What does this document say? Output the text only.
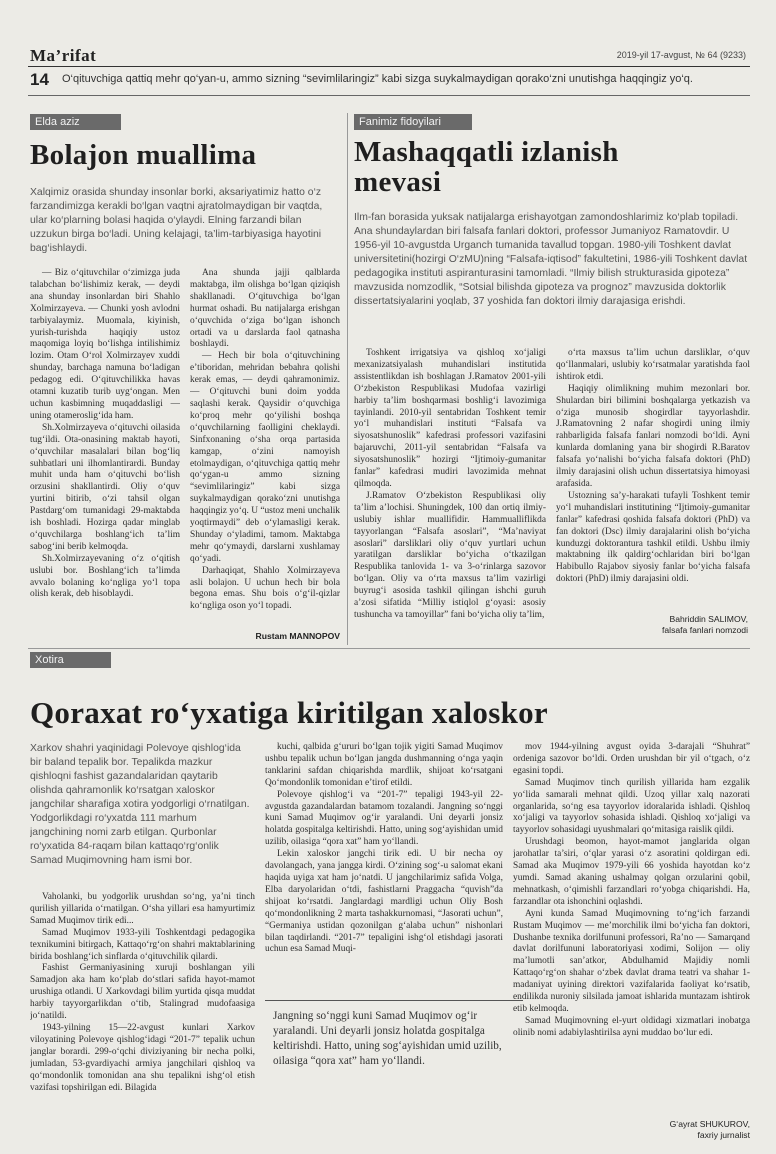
Ma’rifat	2019-yil 17-avgust, № 64 (9233)
14 O‘qituvchiga qattiq mehr qo‘yan-u, ammo sizning “sevimlilaringiz” kabi sizga suykalmaydigan qorako‘zni unutishga haqqingiz yo‘q.
Elda aziz
Bolajon muallima

Xalqimiz orasida shunday insonlar borki, aksariyatimiz hatto o‘z farzandimizga kerakli bo‘lgan vaqtni ajratolmaydigan bir vaqtda, ular ko‘plarning bolasi haqida o‘ylaydi. Elning farzandi bilan uzzukun birga bo‘ladi. Uning kelajagi, ta’lim-tarbiyasiga hayotini bag‘ishlaydi.

— Biz o‘qituvchilar o‘zimizga juda talabchan bo‘lishimiz kerak, — deydi ana shunday insonlardan biri Shahlo Xolmirzayeva. — Chunki yosh avlodni tarbiyalaymiz. Muomala, kiyinish, yurish-turishda haqiqiy ustoz maqomiga loyiq bo‘lishga intilishimiz lozim. Otam O‘rol Xolmirzayev xuddi shunday, barchaga namuna bo‘ladigan pedagog edi. O‘qituvchilikka havas otamni kuzatib turib uyg‘ongan. Men uchun kasbimning muqaddasligi — uning otameroslig‘ida ham.

Sh.Xolmirzayeva o‘qituvchi oilasida tug‘ildi. Ota-onasining maktab hayoti, o‘quvchilar masalalari bilan bog‘liq suhbatlari uni ilhomlantirardi. Bunday muhit unda ham o‘qituvchi bo‘lish orzusini shakllantirdi. Oliy o‘quv yurtini bitirib, o‘zi tahsil olgan Pastdarg‘om tumanidagi 29-maktabda ish boshladi. Hozirga qadar minglab o‘quvchilarga boshlang‘ich ta’lim sabog‘ini berib kelmoqda.

Sh.Xolmirzayevaning o‘z o‘qitish uslubi bor. Boshlang‘ich ta’limda avvalo bolaning ko‘ngliga yo‘l topa olish kerak, deb hisoblaydi.

Ana shunda jajji qalblarda maktabga, ilm olishga bo‘lgan qiziqish shakllanadi. O‘qituvchiga bo‘lgan hurmat oshadi. Bu natijalarga erishgan o‘quvchida o‘ziga bo‘lgan ishonch ortadi va u darslarda faol qatnasha boshlaydi.

— Hech bir bola o‘qituvchining e’tiboridan, mehridan bebahra qolishi kerak emas, — deydi qahramonimiz. — O‘qituvchi buni doim yodda saqlashi kerak. Qaysidir o‘quvchiga ko‘proq mehr qo‘yilishi boshqa o‘quvchilarning faolligini cheklaydi. Sinfxonaning o‘sha orqa partasida kamgap, o‘zini namoyish etolmaydigan, o‘qituvchiga qattiq mehr qo‘ygan-u ammo sizning “sevimlilaringiz” kabi sizga suykalmaydigan qorako‘zni unutishga haqqingiz yo‘q. U “ustoz meni unchalik yoqtirmaydi” deb o‘ylamasligi kerak. Shunday o‘yladimi, tamom. Maktabga mehr qo‘ymaydi, darslarni xushlamay qo‘yadi.

Darhaqiqat, Shahlo Xolmirzayeva asli bolajon. U uchun hech bir bola begona emas. Shu bois o‘g‘il-qizlar ko‘ngliga oson yo‘l topadi.

Rustam MANNOPOV
Fanimiz fidoyilari
Mashaqqatli izlanish
mevasi

Ilm-fan borasida yuksak natijalarga erishayotgan zamondoshlarimiz ko‘plab topiladi. Ana shundaylardan biri falsafa fanlari doktori, professor Jumaniyoz Ramatovdir. U 1956-yil 10-avgustda Urganch tumanida tavallud topgan. 1980-yili Toshkent davlat universitetini(hozirgi O‘zMU)ning “Falsafa-iqtisod” fakultetini, 1986-yili Toshkent davlat pedagogika instituti aspiranturasini tamomladi. “Ilmiy bilish strukturasida gipoteza” mavzusida nomzodlik, “Sotsial bilishda gipoteza va prognoz” mavzusida doktorlik dissertatsiyalarini yoqlab, 37 yoshida fan doktori ilmiy darajasiga erishdi.

Toshkent irrigatsiya va qishloq xo‘jaligi mexanizatsiyalash muhandislari institutida assistentlikdan ish boshlagan J.Ramatov 2001-yili O‘zbekiston Respublikasi Mudofaa vazirligi harbiy ta’lim boshqarmasi boshlig‘i lavozimiga tayinlandi. 2010-yil sentabridan Toshkent temir yo‘l muhandislari instituti “Falsafa va siyosatshunoslik” kafedrasi professori vazifasini bajaruvchi, 2011-yil sentabridan “Falsafa va siyosatshunoslik” hozirgi “Ijtimoiy-gumanitar fanlar” kafedrasi mudiri lavozimida mehnat qilmoqda.

J.Ramatov O‘zbekiston Respublikasi oliy ta’lim a’lochisi. Shuningdek, 100 dan ortiq ilmiy-uslubiy ishlar muallifidir. Hammualliflikda tayyorlangan “Falsafa asoslari”, “Ma’naviyat asoslari” darsliklari oliy o‘quv yurtlari uchun yaratilgan darsliklar bo‘yicha o‘tkazilgan Respublika tanlovida 1- va 3-o‘rinlarga sazovor bo‘lgan. Oliy va o‘rta maxsus ta’lim vazirligi buyrug‘i asosida tashkil qilingan ishchi guruh a’zosi sifatida “Milliy istiqlol g‘oyasi: asosiy tushuncha va tamoyillar” fani bo‘yicha oliy ta’lim,

o‘rta maxsus ta’lim uchun darsliklar, o‘quv qo‘llanmalari, uslubiy ko‘rsatmalar yaratishda faol ishtirok etdi.

Haqiqiy olimlikning muhim mezonlari bor. Shulardan biri bilimini boshqalarga yetkazish va o‘ziga munosib shogirdlar tayyorlashdir. J.Ramatovning 2 nafar shogirdi uning ilmiy rahbarligida falsafa fanlari nomzodi bo‘ldi. Ayni kunlarda domlaning yana bir shogirdi R.Baratov falsafa yo‘nalishi bo‘yicha falsafa doktori (PhD) ilmiy darajasini olish uchun dissertatsiya himoyasi arafasida.

Ustozning sa’y-harakati tufayli Toshkent temir yo‘l muhandislari institutining “Ijtimoiy-gumanitar fanlar” kafedrasi qoshida falsafa doktori (PhD) va fan doktori (Dsc) ilmiy darajalarini olish bo‘yicha kunduzgi doktorantura tashkil etildi. Ushbu ilmiy maktabning ilk qaldirg‘ochlaridan biri bo‘lgan Habibullo Rajabov siyosiy fanlar bo‘yicha falsafa doktori (PhD) ilmiy darajasini oldi.

Bahriddin SALIMOV,
falsafa fanlari nomzodi
Xotira
Qoraxat ro‘yxatiga kiritilgan xaloskor

Xarkov shahri yaqinidagi Polevoye qishlog‘ida bir baland tepalik bor. Tepalikda mazkur qishloqni fashist gazandalaridan qaytarib olishda qahramonlik ko‘rsatgan xaloskor jangchilar sharafiga xotira yodgorligi o‘rnatilgan. Yodgorlikdagi ro‘yxatda 111 marhum jangchining nomi zarb etilgan. Qurbonlar ro‘yxatida 84-raqam bilan kattaqo‘rg‘onlik Samad Muqimovning ham ismi bor.

Vaholanki, bu yodgorlik urushdan so‘ng, ya’ni tinch qurilish yillarida o‘rnatilgan. O‘sha yillari esa hamyurtimiz Samad Muqimov tirik edi...

Samad Muqimov 1933-yili Toshkentdagi pedagogika texnikumini bitirgach, Kattaqo‘rg‘on shahri maktablarining birida boshlang‘ich sinflarda o‘qituvchilik qilardi.

Fashist Germaniyasining xuruji boshlangan yili Samadjon aka ham ko‘plab do‘stlari safida hayot-mamot urushiga otlandi. U Xarkovdagi bilim yurtida qisqa muddat harbiy tayyorgarlikdan o‘tib, Stalingrad mudofaasiga jo‘natildi.

1943-yilning 15—22-avgust kunlari Xarkov viloyatining Polevoye qishlog‘idagi “201-7” tepalik uchun janglar borardi. 299-o‘qchi diviziyaning bir necha polki, jumladan, 53-gvardiyachi armiya jangchilari qishloq va qo‘mondonlik tomonidan ana shu tepalikni ishg‘ol etish vazifasi topshirilgan edi. Bilagida

kuchi, qalbida g‘ururi bo‘lgan tojik yigiti Samad Muqimov ushbu tepalik uchun bo‘lgan jangda dushmanning o‘nga yaqin tanklarini safdan chiqarishda mardlik, shijoat ko‘rsatgani Qo‘mondonlik tomonidan e’tirof etildi.

Polevoye qishlog‘i va “201-7” tepaligi 1943-yil 22-avgustda gazandalardan batamom tozalandi. Jangning so‘nggi kuni Samad Muqimov og‘ir yaralandi. Uni deyarli jonsiz holatda gospitalga keltirishdi. Hatto, uning sog‘ayishidan umid uzilib, oilasiga “qora xat” ham yo‘llandi.

Lekin xaloskor jangchi tirik edi. U bir necha oy davolangach, yana jangga kirdi. O‘zining sog‘-u salomat ekani haqida uyiga xat ham jo‘natdi. U jangchilarimiz safida Volga, Elba daryolaridan o‘tdi, fashistlarni Praggacha “quvish”da shijoat ko‘rsatdi. Janglardagi mardligi uchun Oliy Bosh qo‘mondonlikning 2 marta tashakkurnomasi, “Jasorati uchun”, “Germaniya ustidan qozonilgan g‘alaba uchun” nishonlari bilan taqdirlandi. “201-7” tepaligini ishg‘ol etishdagi jasorati uchun esa Samad Muqi-

Jangning so‘nggi kuni Samad Muqimov og‘ir yaralandi. Uni deyarli jonsiz holatda gospitalga keltirishdi. Hatto, uning sog‘ayishidan umid uzilib, oilasiga “qora xat” ham yo‘llandi.

mov 1944-yilning avgust oyida 3-darajali “Shuhrat” ordeniga sazovor bo‘ldi. Orden urushdan bir yil o‘tgach, o‘z egasini topdi.

Samad Muqimov tinch qurilish yillarida ham ezgalik yo‘lida samarali mehnat qildi. Uzoq yillar xalq nazorati organlarida, so‘ng esa tayyorlov idoralarida ishladi. Qishloq xo‘jaligi va tayyorlov sohasida ishladi. Qishloq xo‘jaligi va tayyorlov sohasidagi uyushmalari qo‘mitasiga raislik qildi.

Urushdagi beomon, hayot-mamot janglarida olgan jarohatlar ta’siri, o‘qlar yarasi o‘z asoratini qoldirgan edi. Samad aka Muqimov 1979-yili 66 yoshida hayotdan ko‘z yumdi. Samad akaning ushalmay qolgan orzularini qobil, mehnatkash, o‘qimishli farzandlari ro‘yobga chiqarishdi. Ha, farzandlar ota ishonchini oqlashdi.

Ayni kunda Samad Muqimovning to‘ng‘ich farzandi Rustam Muqimov — me’morchilik ilmi bo‘yicha fan doktori, Dushanbe texnika dorilfununi professori, Ra’no — Samarqand davlat dorilfununi laboratoriyasi xodimi, Solijon — oliy ma’lumotli san’atkor, Abdulhamid Majidiy nomli Kattaqo‘rg‘on shahar o‘zbek davlat drama teatri va shahar 1-madaniyat uyining direktori vazifalarida faoliyat ko‘rsatib, endilikda nuroniy silsilada jamoat ishlarida muntazam ishtirok etib kelmoqda.

Samad Muqimovning el-yurt oldidagi xizmatlari inobatga olinib nomi adabiylashtirilsa ayni muddao bo‘lur edi.

G‘ayrat SHUKUROV,
faxriy jurnalist
